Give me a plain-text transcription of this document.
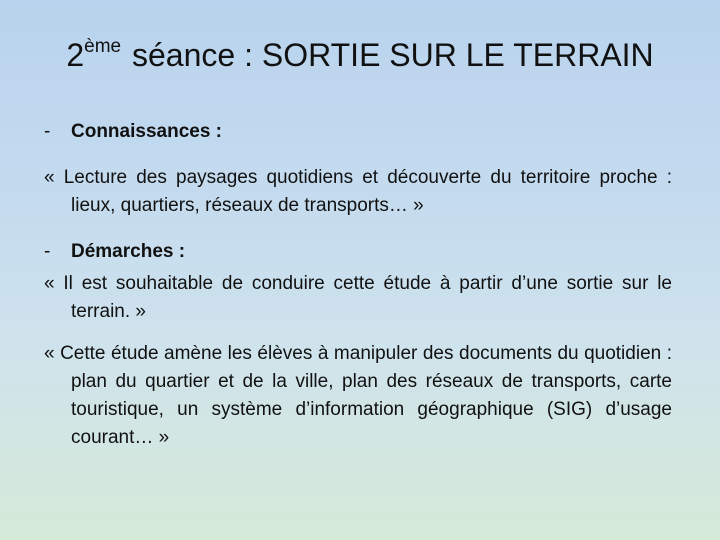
2ème séance : SORTIE SUR LE TERRAIN

- Connaissances :

« Lecture des paysages quotidiens et découverte du territoire proche : lieux, quartiers, réseaux de transports… »

- Démarches :

« Il est souhaitable de conduire cette étude à partir d’une sortie sur le terrain. »

« Cette étude amène les élèves à manipuler des documents du quotidien : plan du quartier et de la ville, plan des réseaux de transports, carte touristique, un système d’information géographique (SIG) d’usage courant… »
